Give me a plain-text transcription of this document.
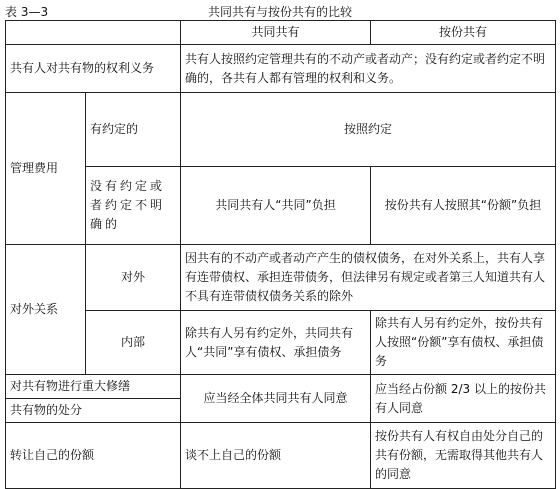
表 3—3	共同共有与按份共有的比较
		共同共有	按份共有
共有人对共有物的权利义务		共有人按照约定管理共有的不动产或者动产；没有约定或者约定不明确的，各共有人都有管理的权利和义务。	
管理费用	有约定的	按照约定	
	没有约定或者约定不明确的	共同共有人“共同”负担	按份共有人按照其“份额”负担
对外关系	对外	因共有的不动产或者动产产生的债权债务，在对外关系上，共有人享有连带债权、承担连带债务，但法律另有规定或者第三人知道共有人不具有连带债权债务关系的除外	
	内部	除共有人另有约定外，共同共有人“共同”享有债权、承担债务	除共有人另有约定外，按份共有人按照“份额”享有债权、承担债务
对共有物进行重大修缮		应当经全体共同共有人同意	应当经占份额 2/3 以上的按份共有人同意
共有物的处分			
转让自己的份额		谈不上自己的份额	按份共有人有权自由处分自己的共有份额，无需取得其他共有人的同意
